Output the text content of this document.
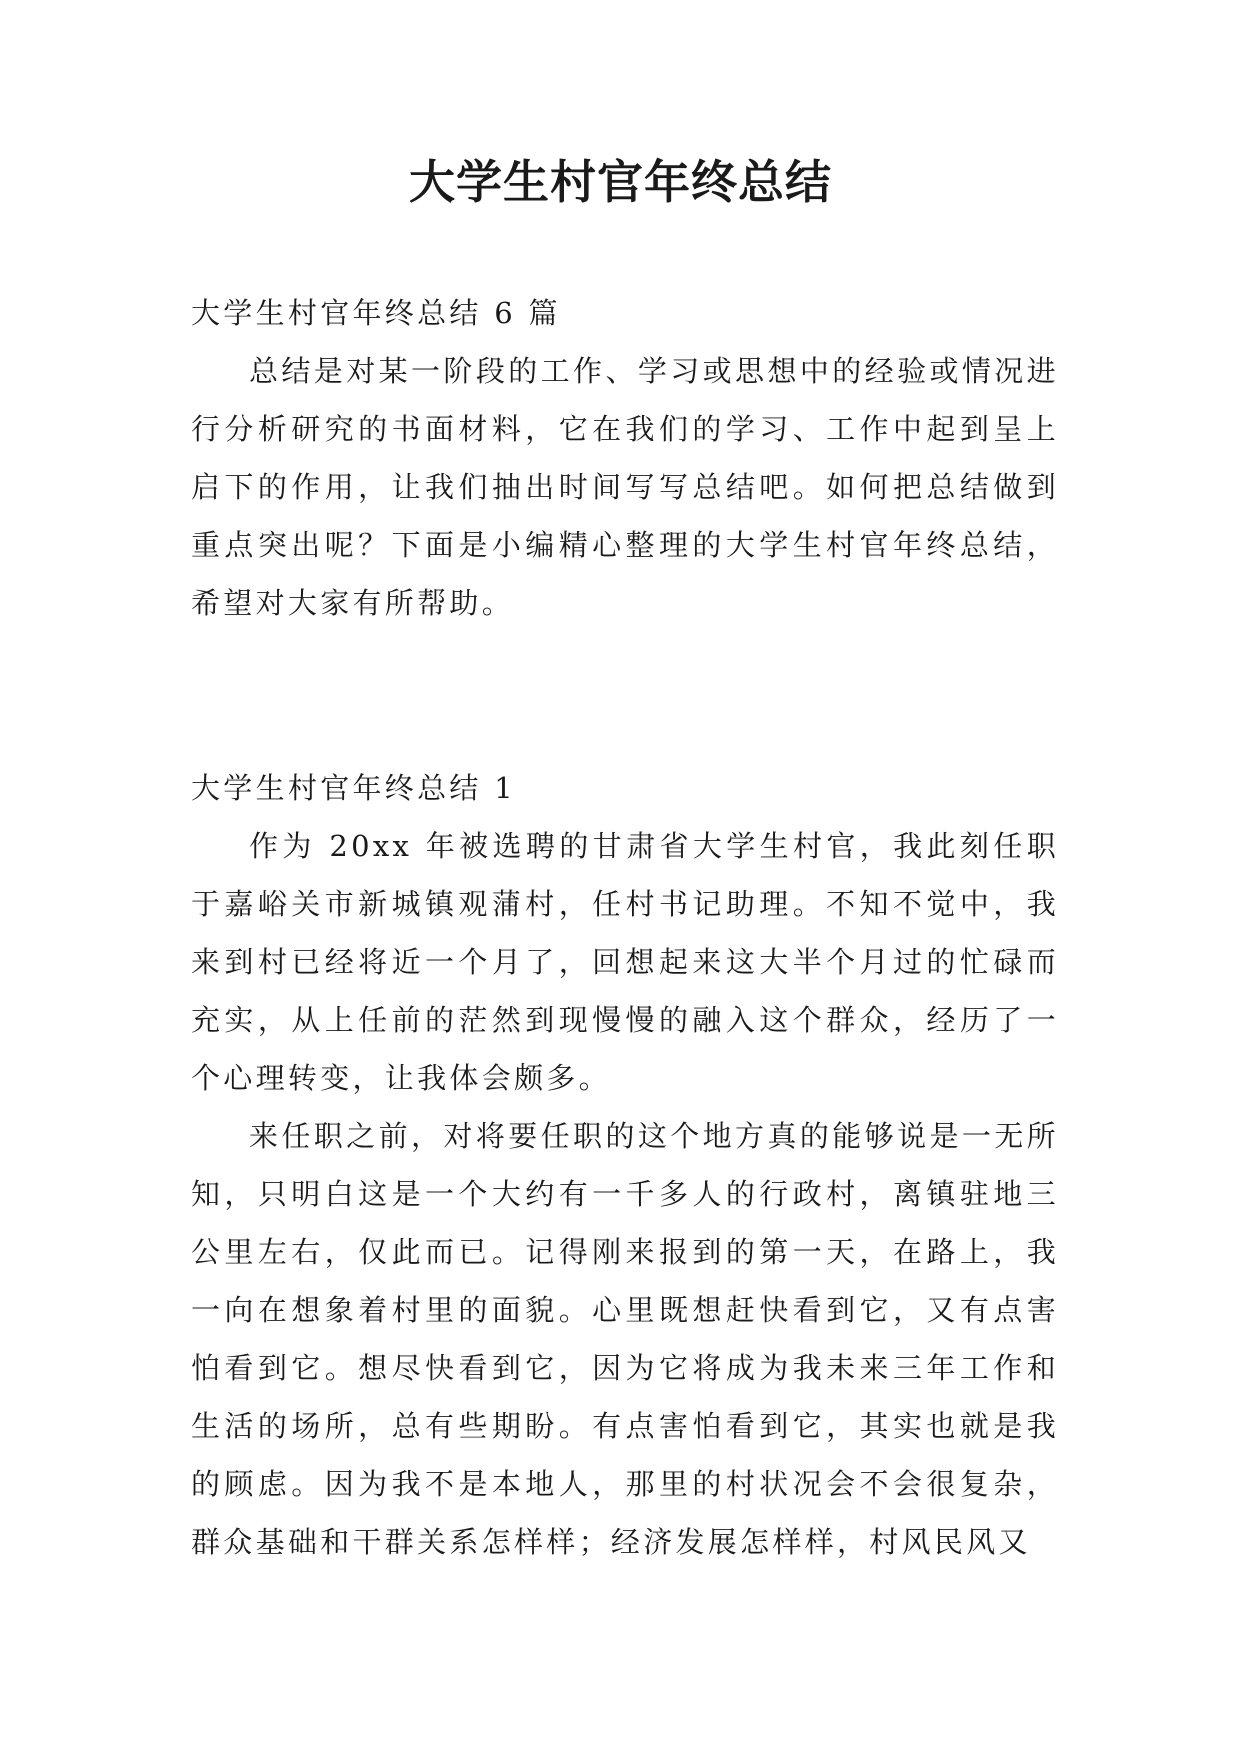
大学生村官年终总结

大学生村官年终总结 6 篇

总结是对某一阶段的工作、学习或思想中的经验或情况进行分析研究的书面材料，它在我们的学习、工作中起到呈上启下的作用，让我们抽出时间写写总结吧。如何把总结做到重点突出呢？下面是小编精心整理的大学生村官年终总结，希望对大家有所帮助。

大学生村官年终总结 1

作为 20xx 年被选聘的甘肃省大学生村官，我此刻任职于嘉峪关市新城镇观蒲村，任村书记助理。不知不觉中，我来到村已经将近一个月了，回想起来这大半个月过的忙碌而充实，从上任前的茫然到现慢慢的融入这个群众，经历了一个心理转变，让我体会颇多。

来任职之前，对将要任职的这个地方真的能够说是一无所知，只明白这是一个大约有一千多人的行政村，离镇驻地三公里左右，仅此而已。记得刚来报到的第一天，在路上，我一向在想象着村里的面貌。心里既想赶快看到它，又有点害怕看到它。想尽快看到它，因为它将成为我未来三年工作和生活的场所，总有些期盼。有点害怕看到它，其实也就是我的顾虑。因为我不是本地人，那里的村状况会不会很复杂，群众基础和干群关系怎样样；经济发展怎样样，村风民风又
